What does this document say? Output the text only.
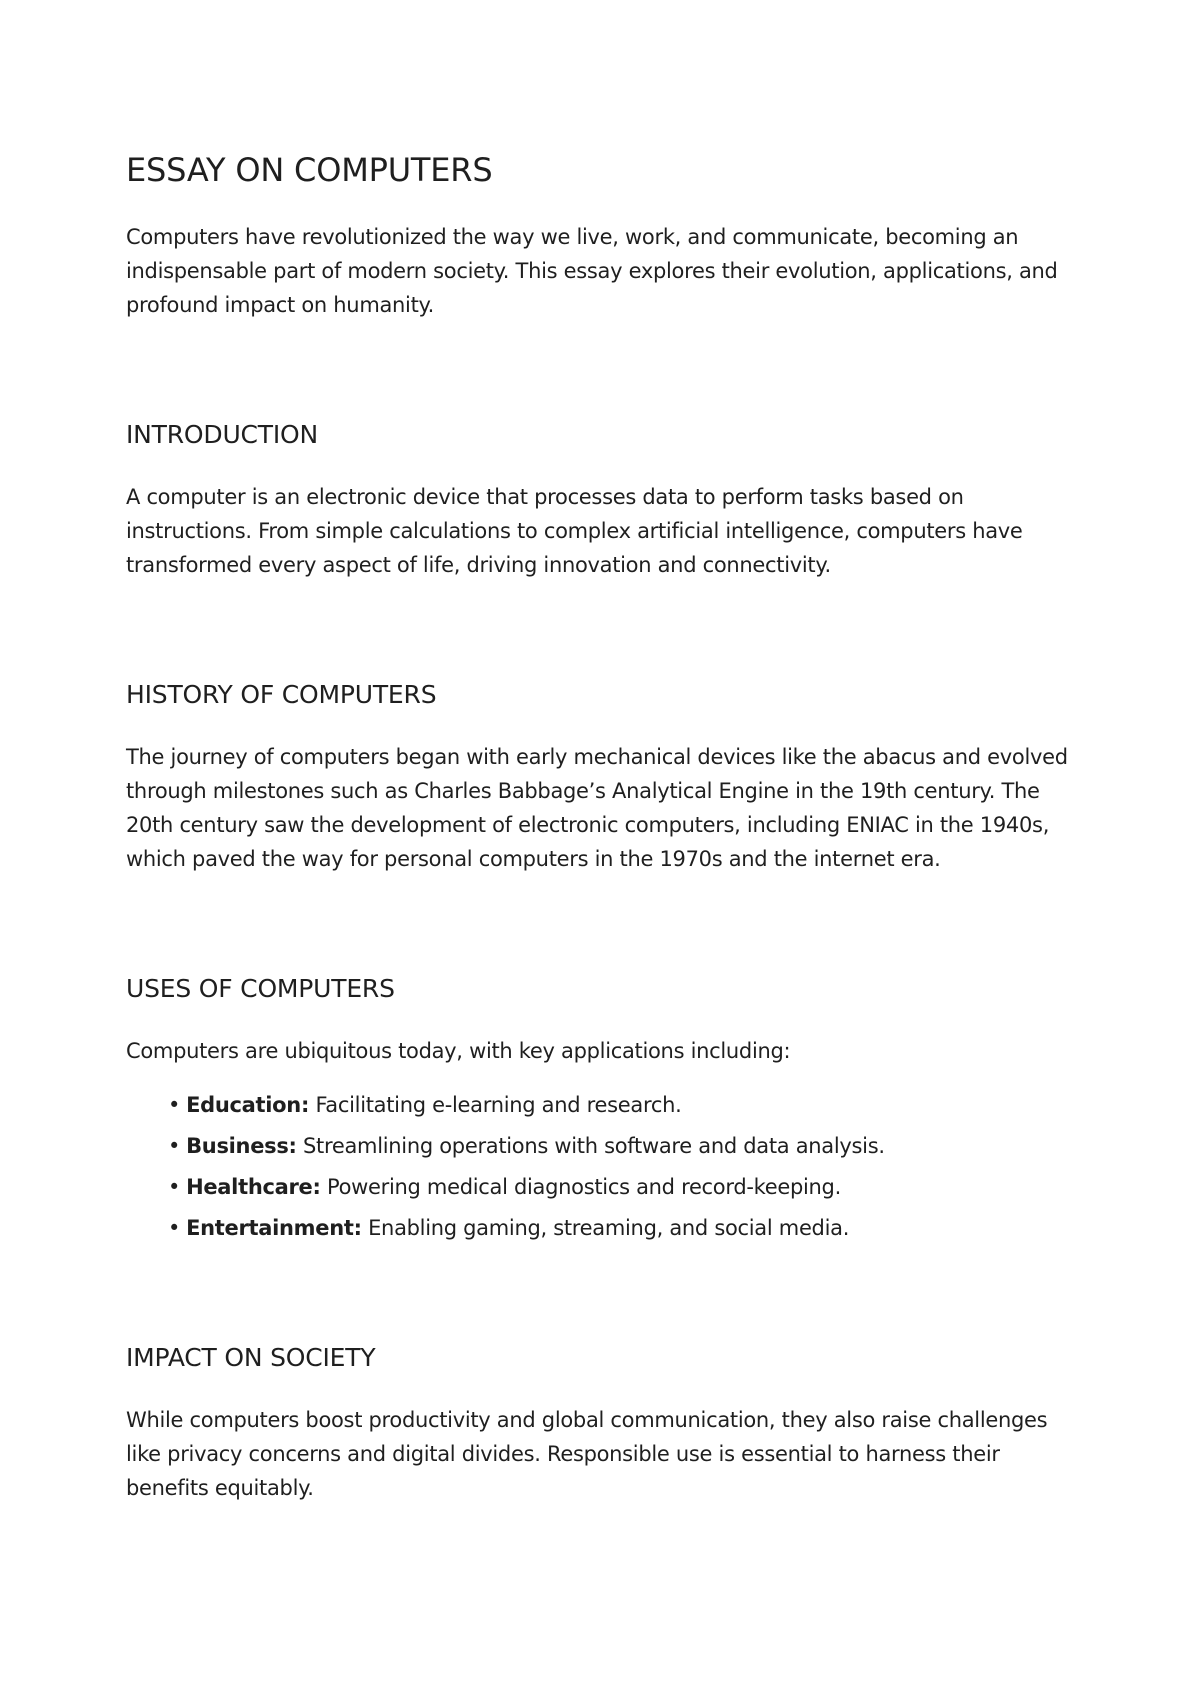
ESSAY ON COMPUTERS

Computers have revolutionized the way we live, work, and communicate, becoming an indispensable part of modern society. This essay explores their evolution, applications, and profound impact on humanity.

INTRODUCTION

A computer is an electronic device that processes data to perform tasks based on instructions. From simple calculations to complex artificial intelligence, computers have transformed every aspect of life, driving innovation and connectivity.

HISTORY OF COMPUTERS

The journey of computers began with early mechanical devices like the abacus and evolved through milestones such as Charles Babbage’s Analytical Engine in the 19th century. The 20th century saw the development of electronic computers, including ENIAC in the 1940s, which paved the way for personal computers in the 1970s and the internet era.

USES OF COMPUTERS

Computers are ubiquitous today, with key applications including:

• Education: Facilitating e-learning and research.
• Business: Streamlining operations with software and data analysis.
• Healthcare: Powering medical diagnostics and record-keeping.
• Entertainment: Enabling gaming, streaming, and social media.
IMPACT ON SOCIETY

While computers boost productivity and global communication, they also raise challenges like privacy concerns and digital divides. Responsible use is essential to harness their benefits equitably.
